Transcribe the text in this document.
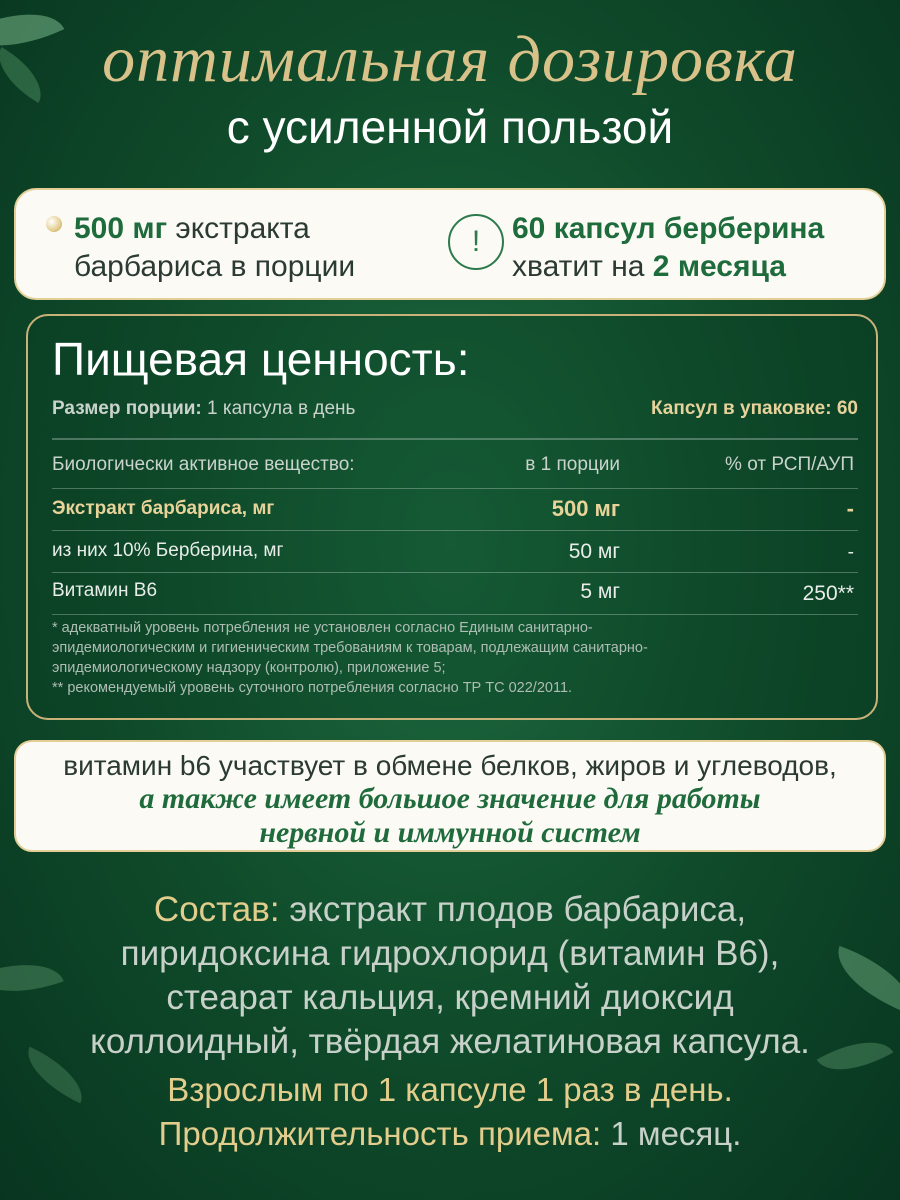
оптимальная дозировка
с усиленной пользой
500 мг экстракта
барбариса в порции
!	60 капсул берберина
хватит на 2 месяца
Пищевая ценность:
Размер порции: 1 капсула в день	Капсул в упаковке: 60
Биологически активное вещество:	в 1 порции	% от РСП/АУП
Экстракт барбариса, мг	500 мг	-
из них 10% Берберина, мг	50 мг	-
Витамин В6	5 мг	250**
* адекватный уровень потребления не установлен согласно Единым санитарно-
эпидемиологическим и гигиеническим требованиям к товарам, подлежащим санитарно-
эпидемиологическому надзору (контролю), приложение 5;
** рекомендуемый уровень суточного потребления согласно ТР ТС 022/2011.
витамин b6 участвует в обмене белков, жиров и углеводов,
а также имеет большое значение для работы
нервной и иммунной систем
Состав: экстракт плодов барбариса,
пиридоксина гидрохлорид (витамин В6),
стеарат кальция, кремний диоксид
коллоидный, твёрдая желатиновая капсула.
Взрослым по 1 капсуле 1 раз в день.
Продолжительность приема: 1 месяц.
